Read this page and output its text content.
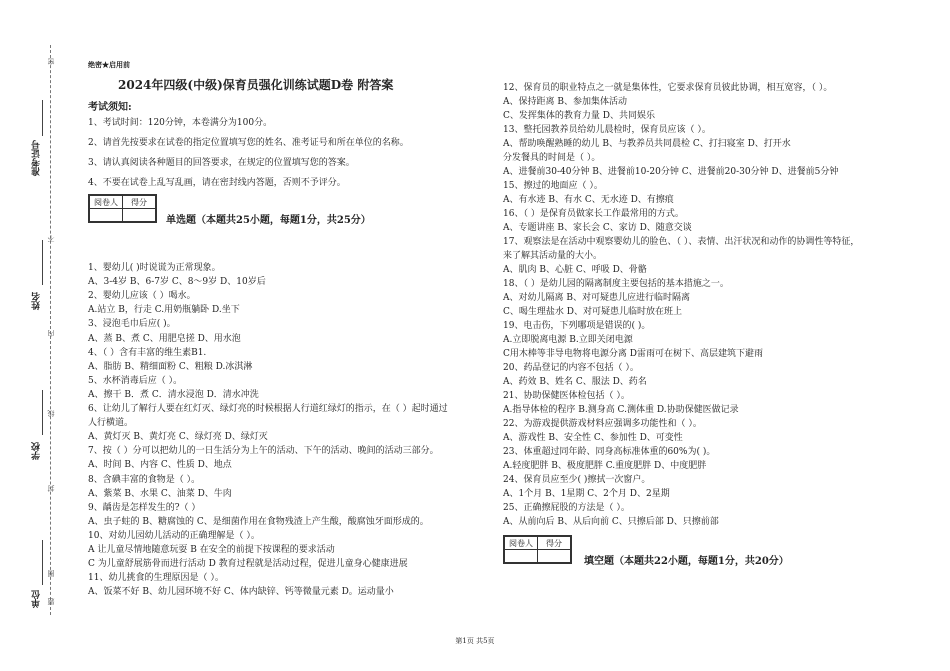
准考证号
姓名
学校
单位
密
不
内
线
封
题
圈
绝密★启用前
2024年四级(中级)保育员强化训练试题D卷 附答案
考试须知:
1、考试时间：120分钟，本卷满分为100分。
2、请首先按要求在试卷的指定位置填写您的姓名、准考证号和所在单位的名称。
3、请认真阅读各种题目的回答要求，在规定的位置填写您的答案。
4、不要在试卷上乱写乱画，请在密封线内答题，否则不予评分。
阅卷人	得分

单选题（本题共25小题，每题1分，共25分）
1、婴幼儿( )时说谎为正常现象。
A、3-4岁 B、6-7岁 C、8～9岁 D、10岁后
2、婴幼儿应该（ ）喝水。
A.站立 B，行走 C.用奶瓶躺卧 D.坐下
3、浸泡毛巾后应( )。
A、蒸 B、煮 C、用肥皂搓 D、用水泡
4、（ ）含有丰富的维生素B1.
A、脂肪 B、精细面粉 C、粗粮 D.冰淇淋
5、水杯消毒后应（ ）。
A、擦干 B．煮 C．清水浸泡 D．清水冲洗
6、让幼儿了解行人要在红灯灭、绿灯亮的时候根据人行道红绿灯的指示，在（ ）起时通过
人行横道。
A、黄灯灭 B、黄灯亮 C、绿灯亮 D、绿灯灭
7、按（ ）分可以把幼儿的一日生活分为上午的活动、下午的活动、晚间的活动三部分。
A、时间 B、内容 C、性质 D、地点
8、含碘丰富的食物是（ ）。
A、紫菜 B、水果 C、油菜 D、牛肉
9、龋齿是怎样发生的?（ ）
A、虫子蛀的 B、糖腐蚀的 C、是细菌作用在食物残渣上产生酸，酸腐蚀牙面形成的。
10、对幼儿园幼儿活动的正确理解是（ ）。
A 让儿童尽情地随意玩耍 B 在安全的前提下按课程的要求活动
C 为儿童舒展筋骨而进行活动 D 教育过程就是活动过程，促进儿童身心健康进展
11、幼儿挑食的生理原因是（ ）。
A、饭菜不好 B、幼儿园环境不好 C、体内缺锌、钙等微量元素 D。运动量小
12、保育员的职业特点之一就是集体性，它要求保育员彼此协调，相互宽容，（ ）。
A、保持距离 B、参加集体活动
C、发挥集体的教育力量 D、共同娱乐
13、整托园教养员给幼儿晨检时，保育员应该（ ）。
A、帮助唤醒熟睡的幼儿 B、与教养员共同晨检 C、打扫寝室 D、打开水
分发餐具的时间是（ ）。
A、进餐前30-40分钟 B、进餐前10-20分钟 C、进餐前20-30分钟 D、进餐前5分钟
15、擦过的地面应（ ）。
A、有水迹 B、有水 C、无水迹 D、有擦痕
16、（ ）是保育员做家长工作最常用的方式。
A、专题讲座 B、家长会 C、家访 D、随意交谈
17、观察法是在活动中观察婴幼儿的脸色、（ ）、表情、出汗状况和动作的协调性等特征，
来了解其活动量的大小。
A、肌肉 B、心脏 C、呼吸 D、骨骼
18、（ ）是幼儿园的隔离制度主要包括的基本措施之一。
A、对幼儿隔离 B、对可疑患儿应进行临时隔离
C、喝生理盐水 D、对可疑患儿临时放在班上
19、电击伤，下列哪项是错误的( )。
A.立即脱离电源 B.立即关闭电源
C用木棒等非导电物将电源分离 D雷雨可在树下、高层建筑下避雨
20、药品登记的内容不包括（ ）。
A、药效 B、姓名 C、服法 D、药名
21、协助保健医体检包括（ ）。
A.指导体检的程序 B.测身高 C.测体重 D.协助保健医做记录
22、为游戏提供游戏材料应强调多功能性和（ ）。
A、游戏性 B、安全性 C、参加性 D、可变性
23、体重超过同年龄、同身高标准体重的60%为( )。
A.轻度肥胖 B、极度肥胖 C.重度肥胖 D、中度肥胖
24、保育员应至少( )擦拭一次窗户。
A、1个月 B、1星期 C、2个月 D、2星期
25、正确擦屁股的方法是（ ）。
A、从前向后 B、从后向前 C、只擦后部 D、只擦前部
阅卷人	得分

填空题（本题共22小题，每题1分，共20分）
第1页 共5页
